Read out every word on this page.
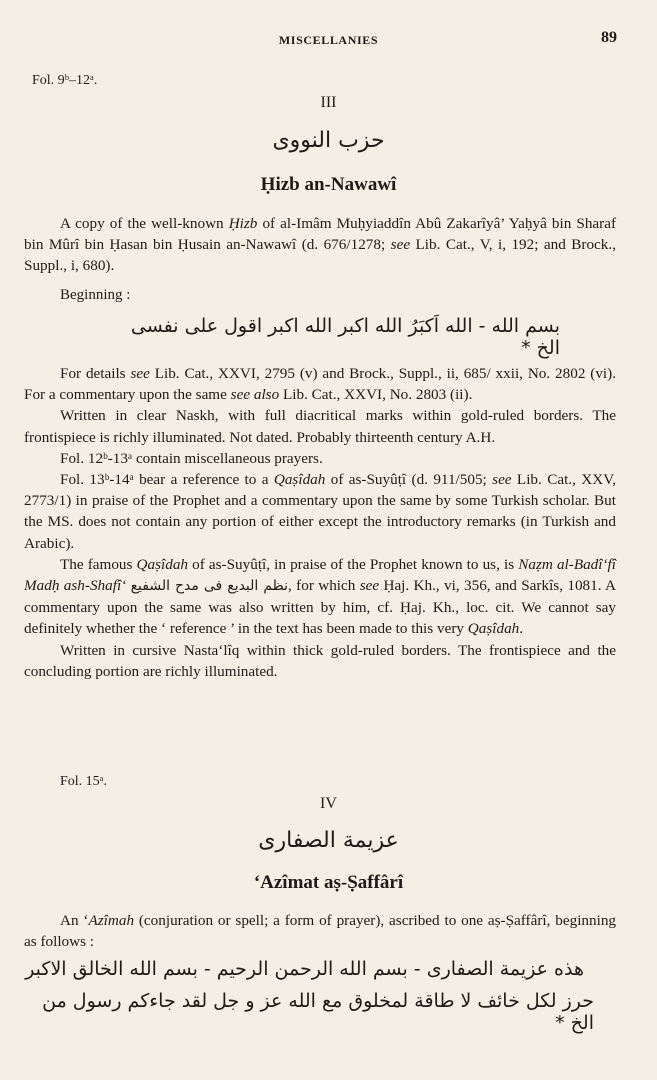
MISCELLANIES	89
Fol. 9ᵇ–12ᵃ.
III
حزب النووى
Ḥizb an-Nawawî

A copy of the well-known Ḥizb of al-Imâm Muḥyiaddîn Abû Zakarîyâ’ Yaḥyâ bin Sharaf bin Mûrî bin Ḥasan bin Ḥusain an-Nawawî (d. 676/1278; see Lib. Cat., V, i, 192; and Brock., Suppl., i, 680).

Beginning :
بسم الله - الله اَكبَرُ الله اكبر الله اكبر اقول على نفسى الخ *

For details see Lib. Cat., XXVI, 2795 (v) and Brock., Suppl., ii, 685/ xxii, No. 2802 (vi). For a commentary upon the same see also Lib. Cat., XXVI, No. 2803 (ii).

Written in clear Naskh, with full diacritical marks within gold-ruled borders. The frontispiece is richly illuminated. Not dated. Probably thirteenth century A.H.

Fol. 12ᵇ-13ᵃ contain miscellaneous prayers.

Fol. 13ᵇ-14ᵃ bear a reference to a Qaṣîdah of as-Suyûṭî (d. 911/505; see Lib. Cat., XXV, 2773/1) in praise of the Prophet and a commentary upon the same by some Turkish scholar. But the MS. does not contain any portion of either except the introductory remarks (in Turkish and Arabic).

The famous Qaṣîdah of as-Suyûṭî, in praise of the Prophet known to us, is Naẓm al-Badî‘fî Madḥ ash-Shafî‘ نظم البديع فى مدح الشفيع, for which see Ḥaj. Kh., vi, 356, and Sarkîs, 1081. A commentary upon the same was also written by him, cf. Ḥaj. Kh., loc. cit. We cannot say definitely whether the ‘ reference ’ in the text has been made to this very Qaṣîdah.

Written in cursive Nasta‘lîq within thick gold-ruled borders. The frontispiece and the concluding portion are richly illuminated.

Fol. 15ᵃ.
IV
عزيمة الصفارى
‘Azîmat aṣ-Ṣaffârî

An ‘Azîmah (conjuration or spell; a form of prayer), ascribed to one aṣ-Ṣaffârî, beginning as follows :

هذه عزيمة الصفارى - بسم الله الرحمن الرحيم - بسم الله الخالق الاكبر
حرز لكل خائف لا طاقة لمخلوق مع الله عز و جل لقد جاءكم رسول من الخ *
